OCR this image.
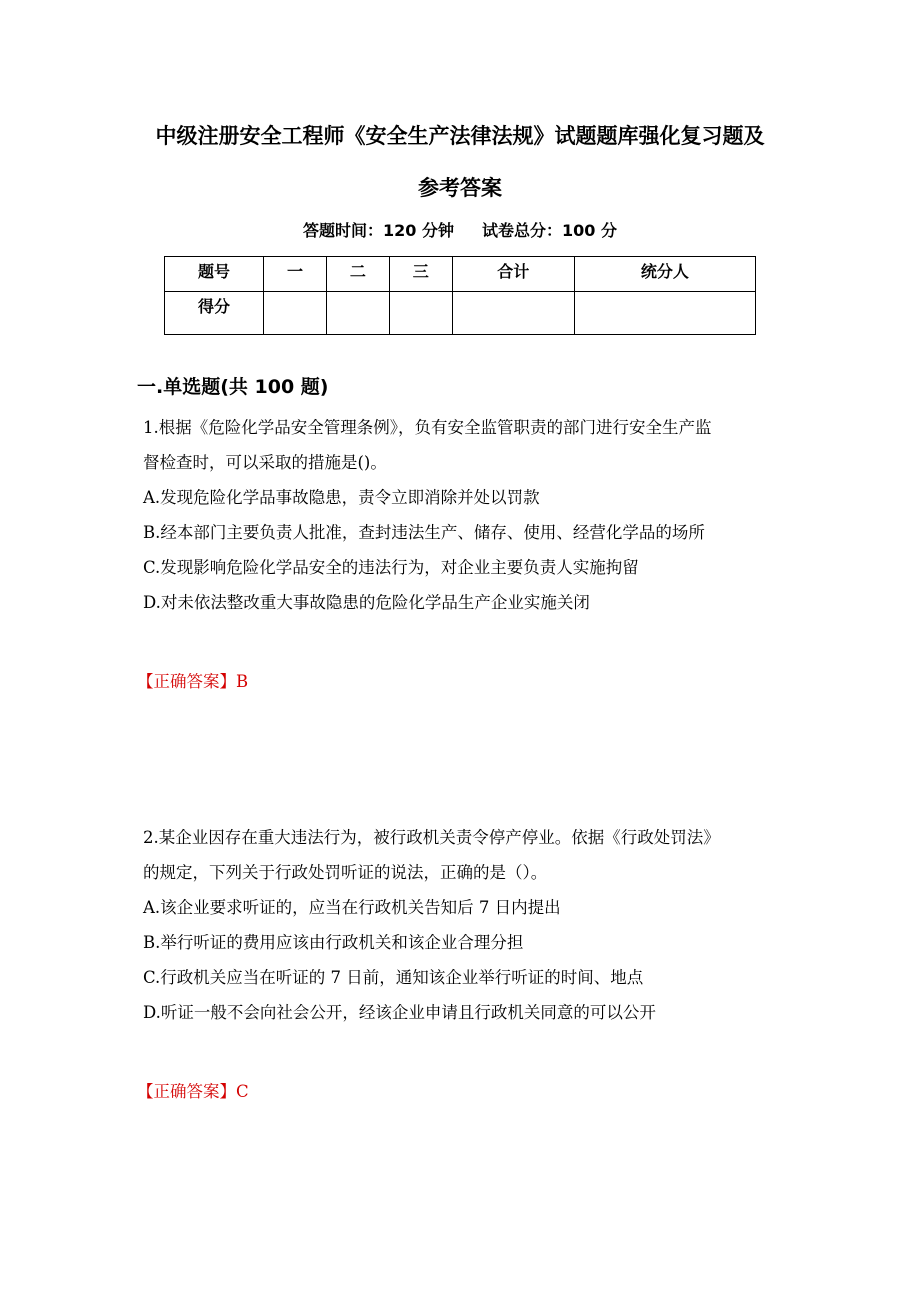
中级注册安全工程师《安全生产法律法规》试题题库强化复习题及
参考答案
答题时间：120 分钟 试卷总分：100 分
题号	一	二	三	合计	统分人
得分					
一.单选题(共 100 题)
1.根据《危险化学品安全管理条例》，负有安全监管职责的部门进行安全生产监
督检查时，可以采取的措施是()。
A.发现危险化学品事故隐患，责令立即消除并处以罚款
B.经本部门主要负责人批准，查封违法生产、储存、使用、经营化学品的场所
C.发现影响危险化学品安全的违法行为，对企业主要负责人实施拘留
D.对未依法整改重大事故隐患的危险化学品生产企业实施关闭
【正确答案】B
2.某企业因存在重大违法行为，被行政机关责令停产停业。依据《行政处罚法》
的规定，下列关于行政处罚听证的说法，正确的是（）。
A.该企业要求听证的，应当在行政机关告知后 7 日内提出
B.举行听证的费用应该由行政机关和该企业合理分担
C.行政机关应当在听证的 7 日前，通知该企业举行听证的时间、地点
D.听证一般不会向社会公开，经该企业申请且行政机关同意的可以公开
【正确答案】C
